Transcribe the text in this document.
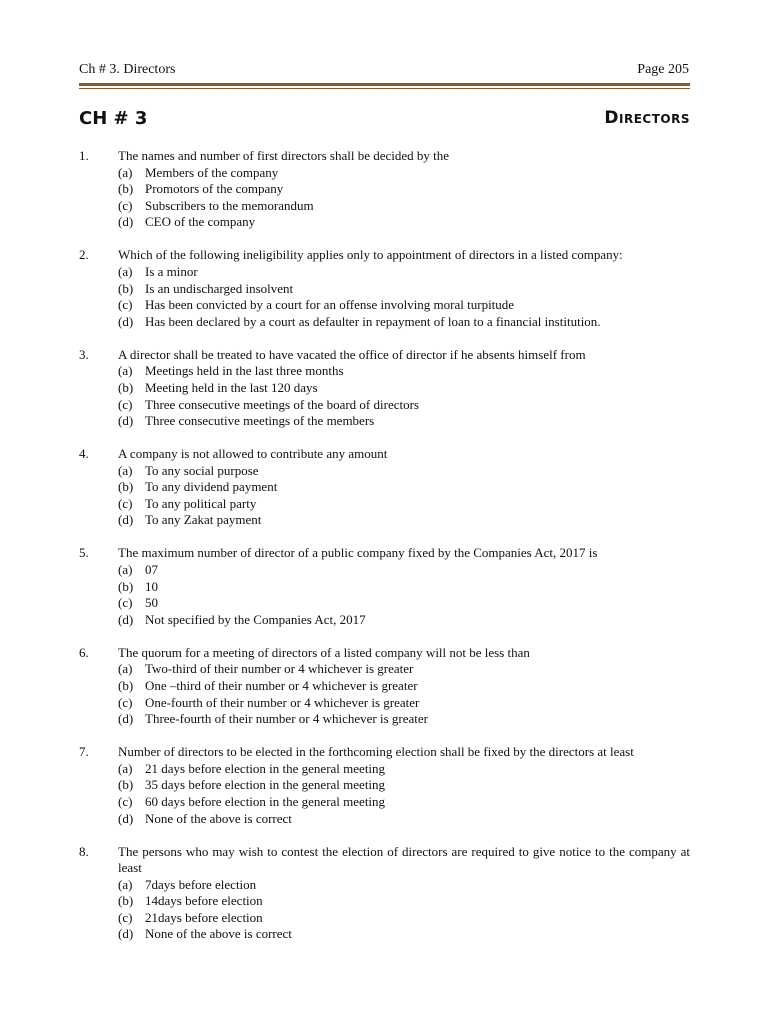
Ch # 3. Directors	Page 205
CH # 3	Directors
1. The names and number of first directors shall be decided by the
(a) Members of the company
(b) Promotors of the company
(c) Subscribers to the memorandum
(d) CEO of the company
2. Which of the following ineligibility applies only to appointment of directors in a listed company:
(a) Is a minor
(b) Is an undischarged insolvent
(c) Has been convicted by a court for an offense involving moral turpitude
(d) Has been declared by a court as defaulter in repayment of loan to a financial institution.
3. A director shall be treated to have vacated the office of director if he absents himself from
(a) Meetings held in the last three months
(b) Meeting held in the last 120 days
(c) Three consecutive meetings of the board of directors
(d) Three consecutive meetings of the members
4. A company is not allowed to contribute any amount
(a) To any social purpose
(b) To any dividend payment
(c) To any political party
(d) To any Zakat payment
5. The maximum number of director of a public company fixed by the Companies Act, 2017 is
(a) 07
(b) 10
(c) 50
(d) Not specified by the Companies Act, 2017
6. The quorum for a meeting of directors of a listed company will not be less than
(a) Two-third of their number or 4 whichever is greater
(b) One –third of their number or 4 whichever is greater
(c) One-fourth of their number or 4 whichever is greater
(d) Three-fourth of their number or 4 whichever is greater
7. Number of directors to be elected in the forthcoming election shall be fixed by the directors at least
(a) 21 days before election in the general meeting
(b) 35 days before election in the general meeting
(c) 60 days before election in the general meeting
(d) None of the above is correct
8. The persons who may wish to contest the election of directors are required to give notice to the company at least
(a) 7days before election
(b) 14days before election
(c) 21days before election
(d) None of the above is correct
